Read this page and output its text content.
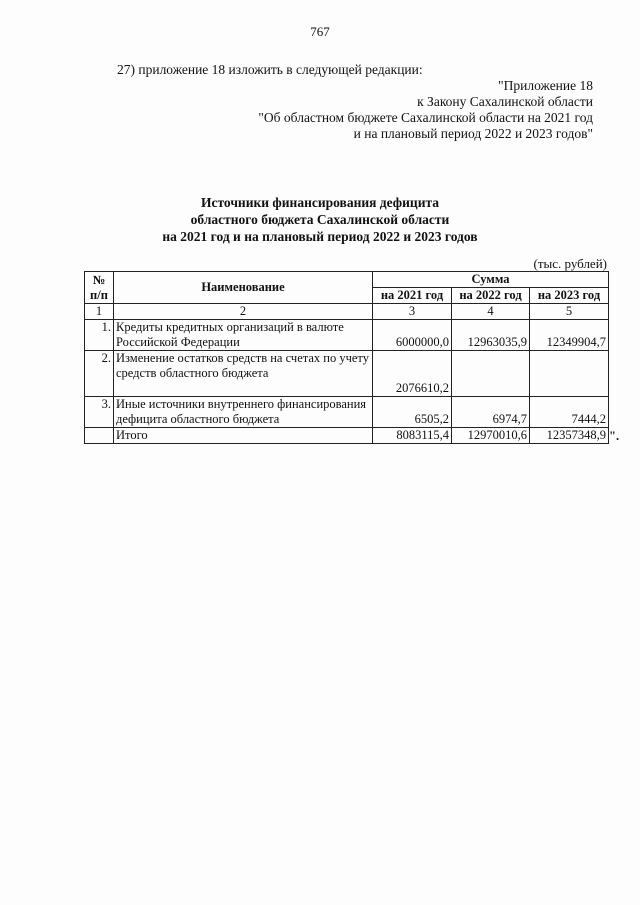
767
27) приложение 18 изложить в следующей редакции:
"Приложение 18
к Закону Сахалинской области
"Об областном бюджете Сахалинской области на 2021 год
и на плановый период 2022 и 2023 годов"
Источники финансирования дефицита
областного бюджета Сахалинской области
на 2021 год и на плановый период 2022 и 2023 годов
(тыс. рублей)
№
п/п	Наименование	Сумма		
		на 2021 год	на 2022 год	на 2023 год
1	2	3	4	5
1.	Кредиты кредитных организаций в валюте Российской Федерации	6000000,0	12963035,9	12349904,7
2.	Изменение остатков средств на счетах по учету средств областного бюджета	2076610,2		
3.	Иные источники внутреннего финансирования дефицита областного бюджета	6505,2	6974,7	7444,2
	Итого	8083115,4	12970010,6	12357348,9 ".
